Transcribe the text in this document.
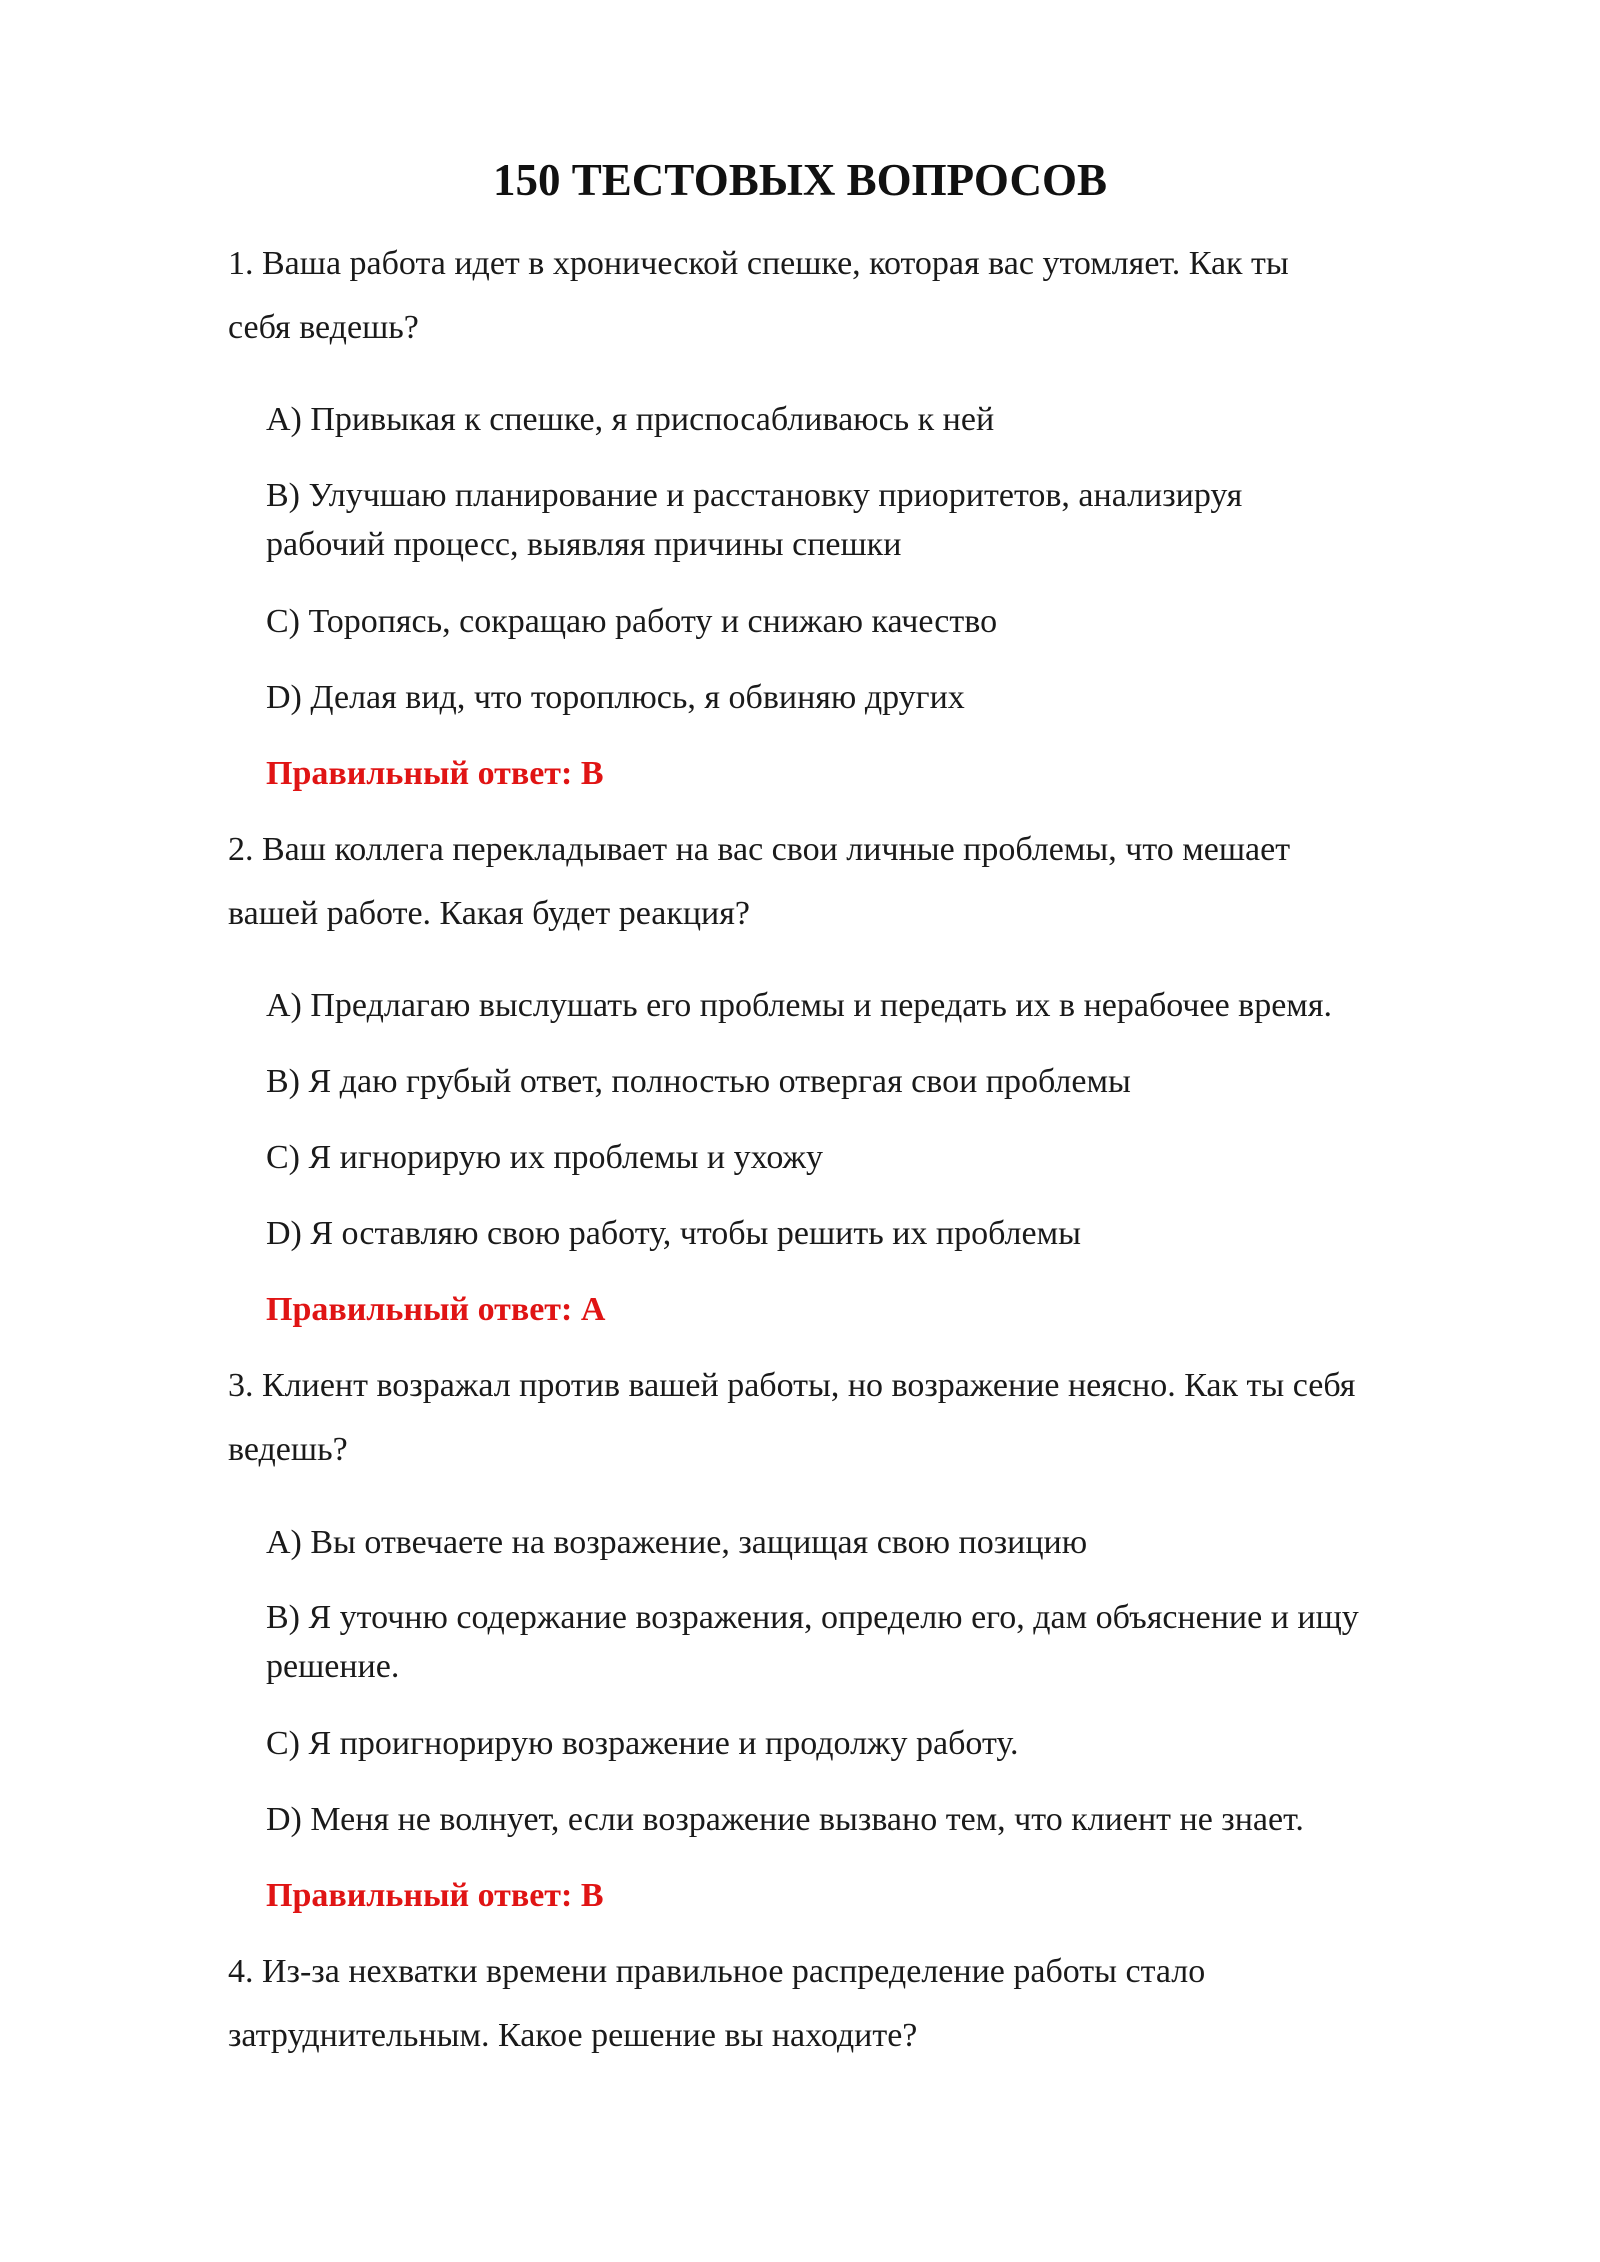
150 ТЕСТОВЫХ ВОПРОСОВ
1. Ваша работа идет в хронической спешке, которая вас утомляет. Как ты
себя ведешь?
A) Привыкая к спешке, я приспосабливаюсь к ней
B) Улучшаю планирование и расстановку приоритетов, анализируя
рабочий процесс, выявляя причины спешки
C) Торопясь, сокращаю работу и снижаю качество
D) Делая вид, что тороплюсь, я обвиняю других
Правильный ответ: B
2. Ваш коллега перекладывает на вас свои личные проблемы, что мешает
вашей работе. Какая будет реакция?
A) Предлагаю выслушать его проблемы и передать их в нерабочее время.
B) Я даю грубый ответ, полностью отвергая свои проблемы
C) Я игнорирую их проблемы и ухожу
D) Я оставляю свою работу, чтобы решить их проблемы
Правильный ответ: A
3. Клиент возражал против вашей работы, но возражение неясно. Как ты себя
ведешь?
A) Вы отвечаете на возражение, защищая свою позицию
B) Я уточню содержание возражения, определю его, дам объяснение и ищу
решение.
C) Я проигнорирую возражение и продолжу работу.
D) Меня не волнует, если возражение вызвано тем, что клиент не знает.
Правильный ответ: B
4. Из-за нехватки времени правильное распределение работы стало
затруднительным. Какое решение вы находите?
